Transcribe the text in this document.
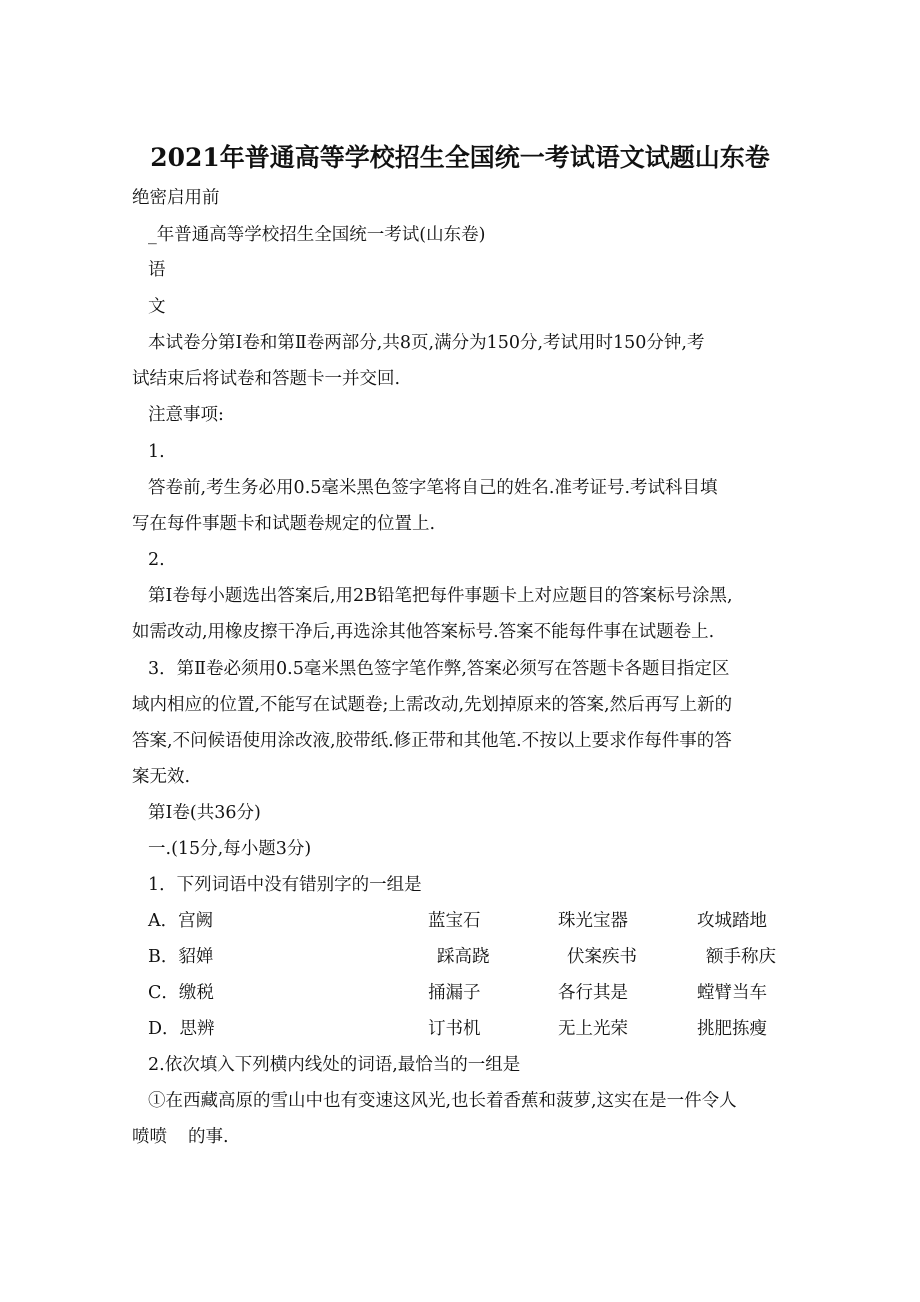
2021年普通高等学校招生全国统一考试语文试题山东卷
绝密启用前
_年普通高等学校招生全国统一考试(山东卷)
语
文
本试卷分第Ⅰ卷和第Ⅱ卷两部分,共8页,满分为150分,考试用时150分钟,考
试结束后将试卷和答题卡一并交回.
注意事项:
1.
答卷前,考生务必用0.5毫米黑色签字笔将自己的姓名.准考证号.考试科目填
写在每件事题卡和试题卷规定的位置上.
2.
第Ⅰ卷每小题选出答案后,用2B铅笔把每件事题卡上对应题目的答案标号涂黑,
如需改动,用橡皮擦干净后,再选涂其他答案标号.答案不能每件事在试题卷上.
3．第Ⅱ卷必须用0.5毫米黑色签字笔作弊,答案必须写在答题卡各题目指定区
域内相应的位置,不能写在试题卷;上需改动,先划掉原来的答案,然后再写上新的
答案,不问候语使用涂改液,胶带纸.修正带和其他笔.不按以上要求作每件事的答
案无效.
第Ⅰ卷(共36分)
一.(15分,每小题3分)
1．下列词语中没有错别字的一组是
A．宫阙	蓝宝石	珠光宝器	攻城踏地
B．貂婵	踩高跷	伏案疾书	额手称庆
C．缴税	捅漏子	各行其是	螳臂当车
D．思辨	订书机	无上光荣	挑肥拣瘦
2.依次填入下列横内线处的词语,最恰当的一组是
①在西藏高原的雪山中也有变速这风光,也长着香蕉和菠萝,这实在是一件令人
喷喷 的事.
